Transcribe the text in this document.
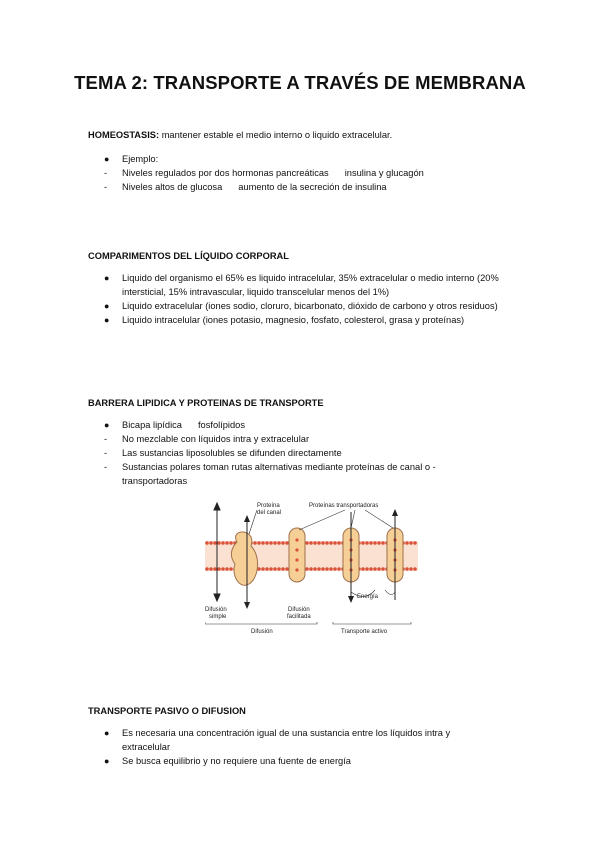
TEMA 2: TRANSPORTE A TRAVÉS DE MEMBRANA

HOMEOSTASIS: mantener estable el medio interno o liquido extracelular.

● Ejemplo:

- Niveles regulados por dos hormonas pancreáticas insulina y glucagón

- Niveles altos de glucosa aumento de la secreción de insulina

COMPARIMENTOS DEL LÍQUIDO CORPORAL

● Liquido del organismo el 65% es liquido intracelular, 35% extracelular o medio interno (20% intersticial, 15% intravascular, liquido transcelular menos del 1%)

● Liquido extracelular (iones sodio, cloruro, bicarbonato, dióxido de carbono y otros residuos)

● Liquido intracelular (iones potasio, magnesio, fosfato, colesterol, grasa y proteínas)

BARRERA LIPIDICA Y PROTEINAS DE TRANSPORTE

● Bicapa lipídica fosfolípidos

- No mezclable con líquidos intra y extracelular

- Las sustancias liposolubles se difunden directamente

- Sustancias polares toman rutas alternativas mediante proteínas de canal o -transportadoras

Proteína
del canal
Proteínas transportadoras
Energía
Difusión
simple
Difusión
facilitada
Difusión	Transporte activo

TRANSPORTE PASIVO O DIFUSION

● Es necesaria una concentración igual de una sustancia entre los líquidos intra y extracelular

● Se busca equilibrio y no requiere una fuente de energía
